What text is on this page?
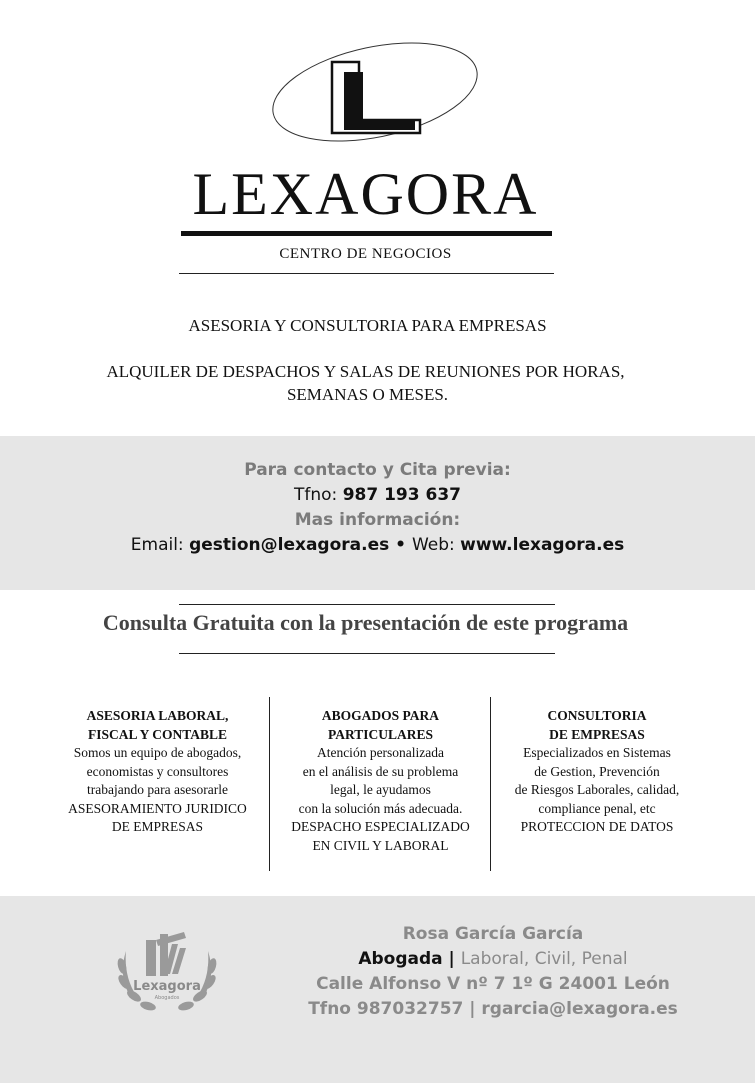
LEXAGORA
CENTRO DE NEGOCIOS
ASESORIA Y CONSULTORIA PARA EMPRESAS
ALQUILER DE DESPACHOS Y SALAS DE REUNIONES POR HORAS,
SEMANAS O MESES.
Para contacto y Cita previa:
Tfno: 987 193 637
Mas información:
Email: gestion@lexagora.es • Web: www.lexagora.es
Consulta Gratuita con la presentación de este programa
ASESORIA LABORAL,
FISCAL Y CONTABLE
Somos un equipo de abogados,
economistas y consultores
trabajando para asesorarle
ASESORAMIENTO JURIDICO
DE EMPRESAS
ABOGADOS PARA
PARTICULARES
Atención personalizada
en el análisis de su problema
legal, le ayudamos
con la solución más adecuada.
DESPACHO ESPECIALIZADO
EN CIVIL Y LABORAL
CONSULTORIA
DE EMPRESAS
Especializados en Sistemas
de Gestion, Prevención
de Riesgos Laborales, calidad,
compliance penal, etc
PROTECCION DE DATOS
Lexagora
Abogados
Rosa García García
Abogada | Laboral, Civil, Penal
Calle Alfonso V nº 7 1º G 24001 León
Tfno 987032757 | rgarcia@lexagora.es
